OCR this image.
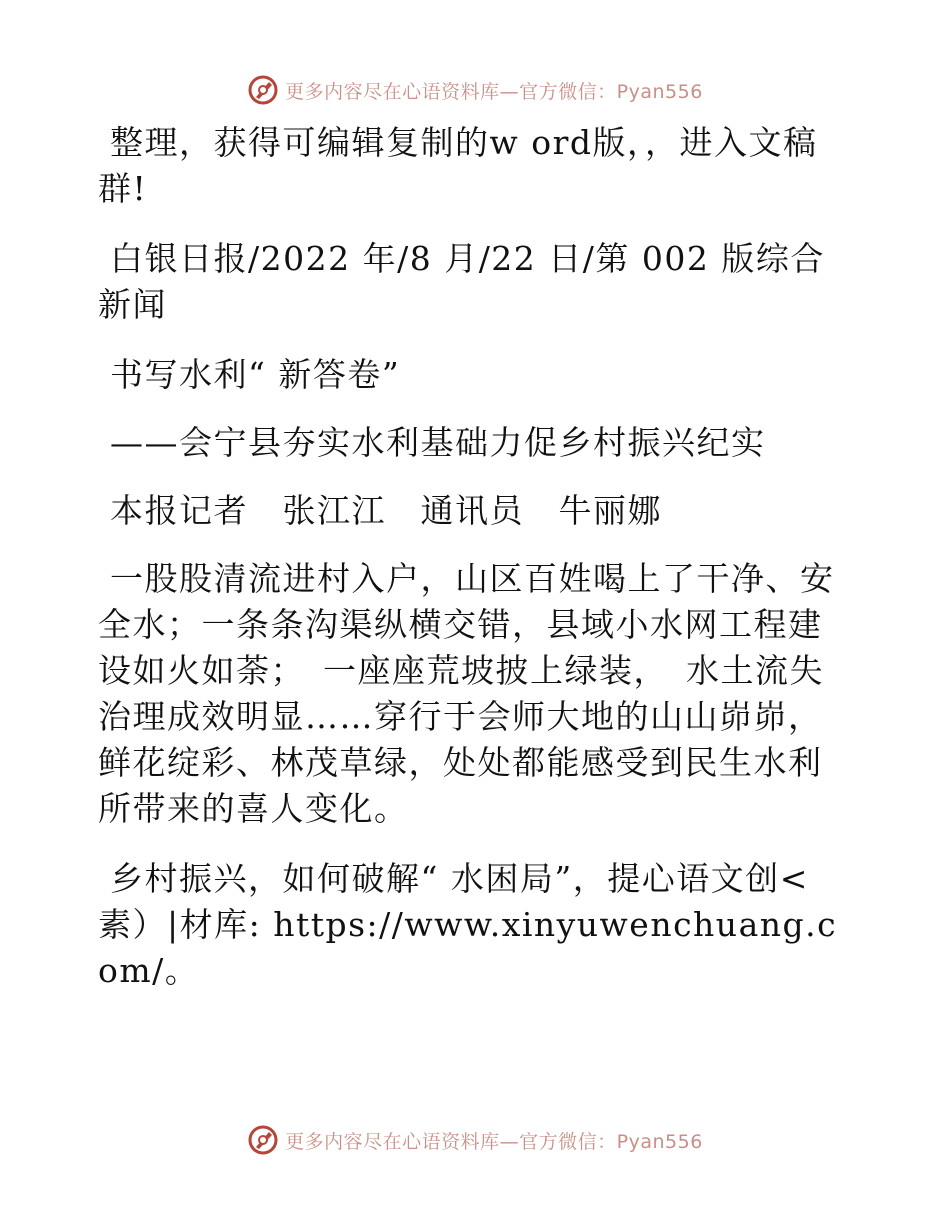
更多内容尽在心语资料库—官方微信：Pyan556

整理，获得可编辑复制的w ord版，，进入文稿群!

白银日报/2022 年/8 月/22 日/第 002 版综合新闻

书写水利“ 新答卷”

——会宁县夯实水利基础力促乡村振兴纪实

本报记者　张江江　通讯员　牛丽娜

一股股清流进村入户，山区百姓喝上了干净、安全水；一条条沟渠纵横交错，县域小水网工程建设如火如荼；　一座座荒坡披上绿装，　水土流失治理成效明显……穿行于会师大地的山山峁峁，鲜花绽彩、林茂草绿，处处都能感受到民生水利所带来的喜人变化。

乡村振兴，如何破解“ 水困局”，提心语文创<素）|材库: https://www.xinyuwenchuang.com/。

更多内容尽在心语资料库—官方微信：Pyan556
